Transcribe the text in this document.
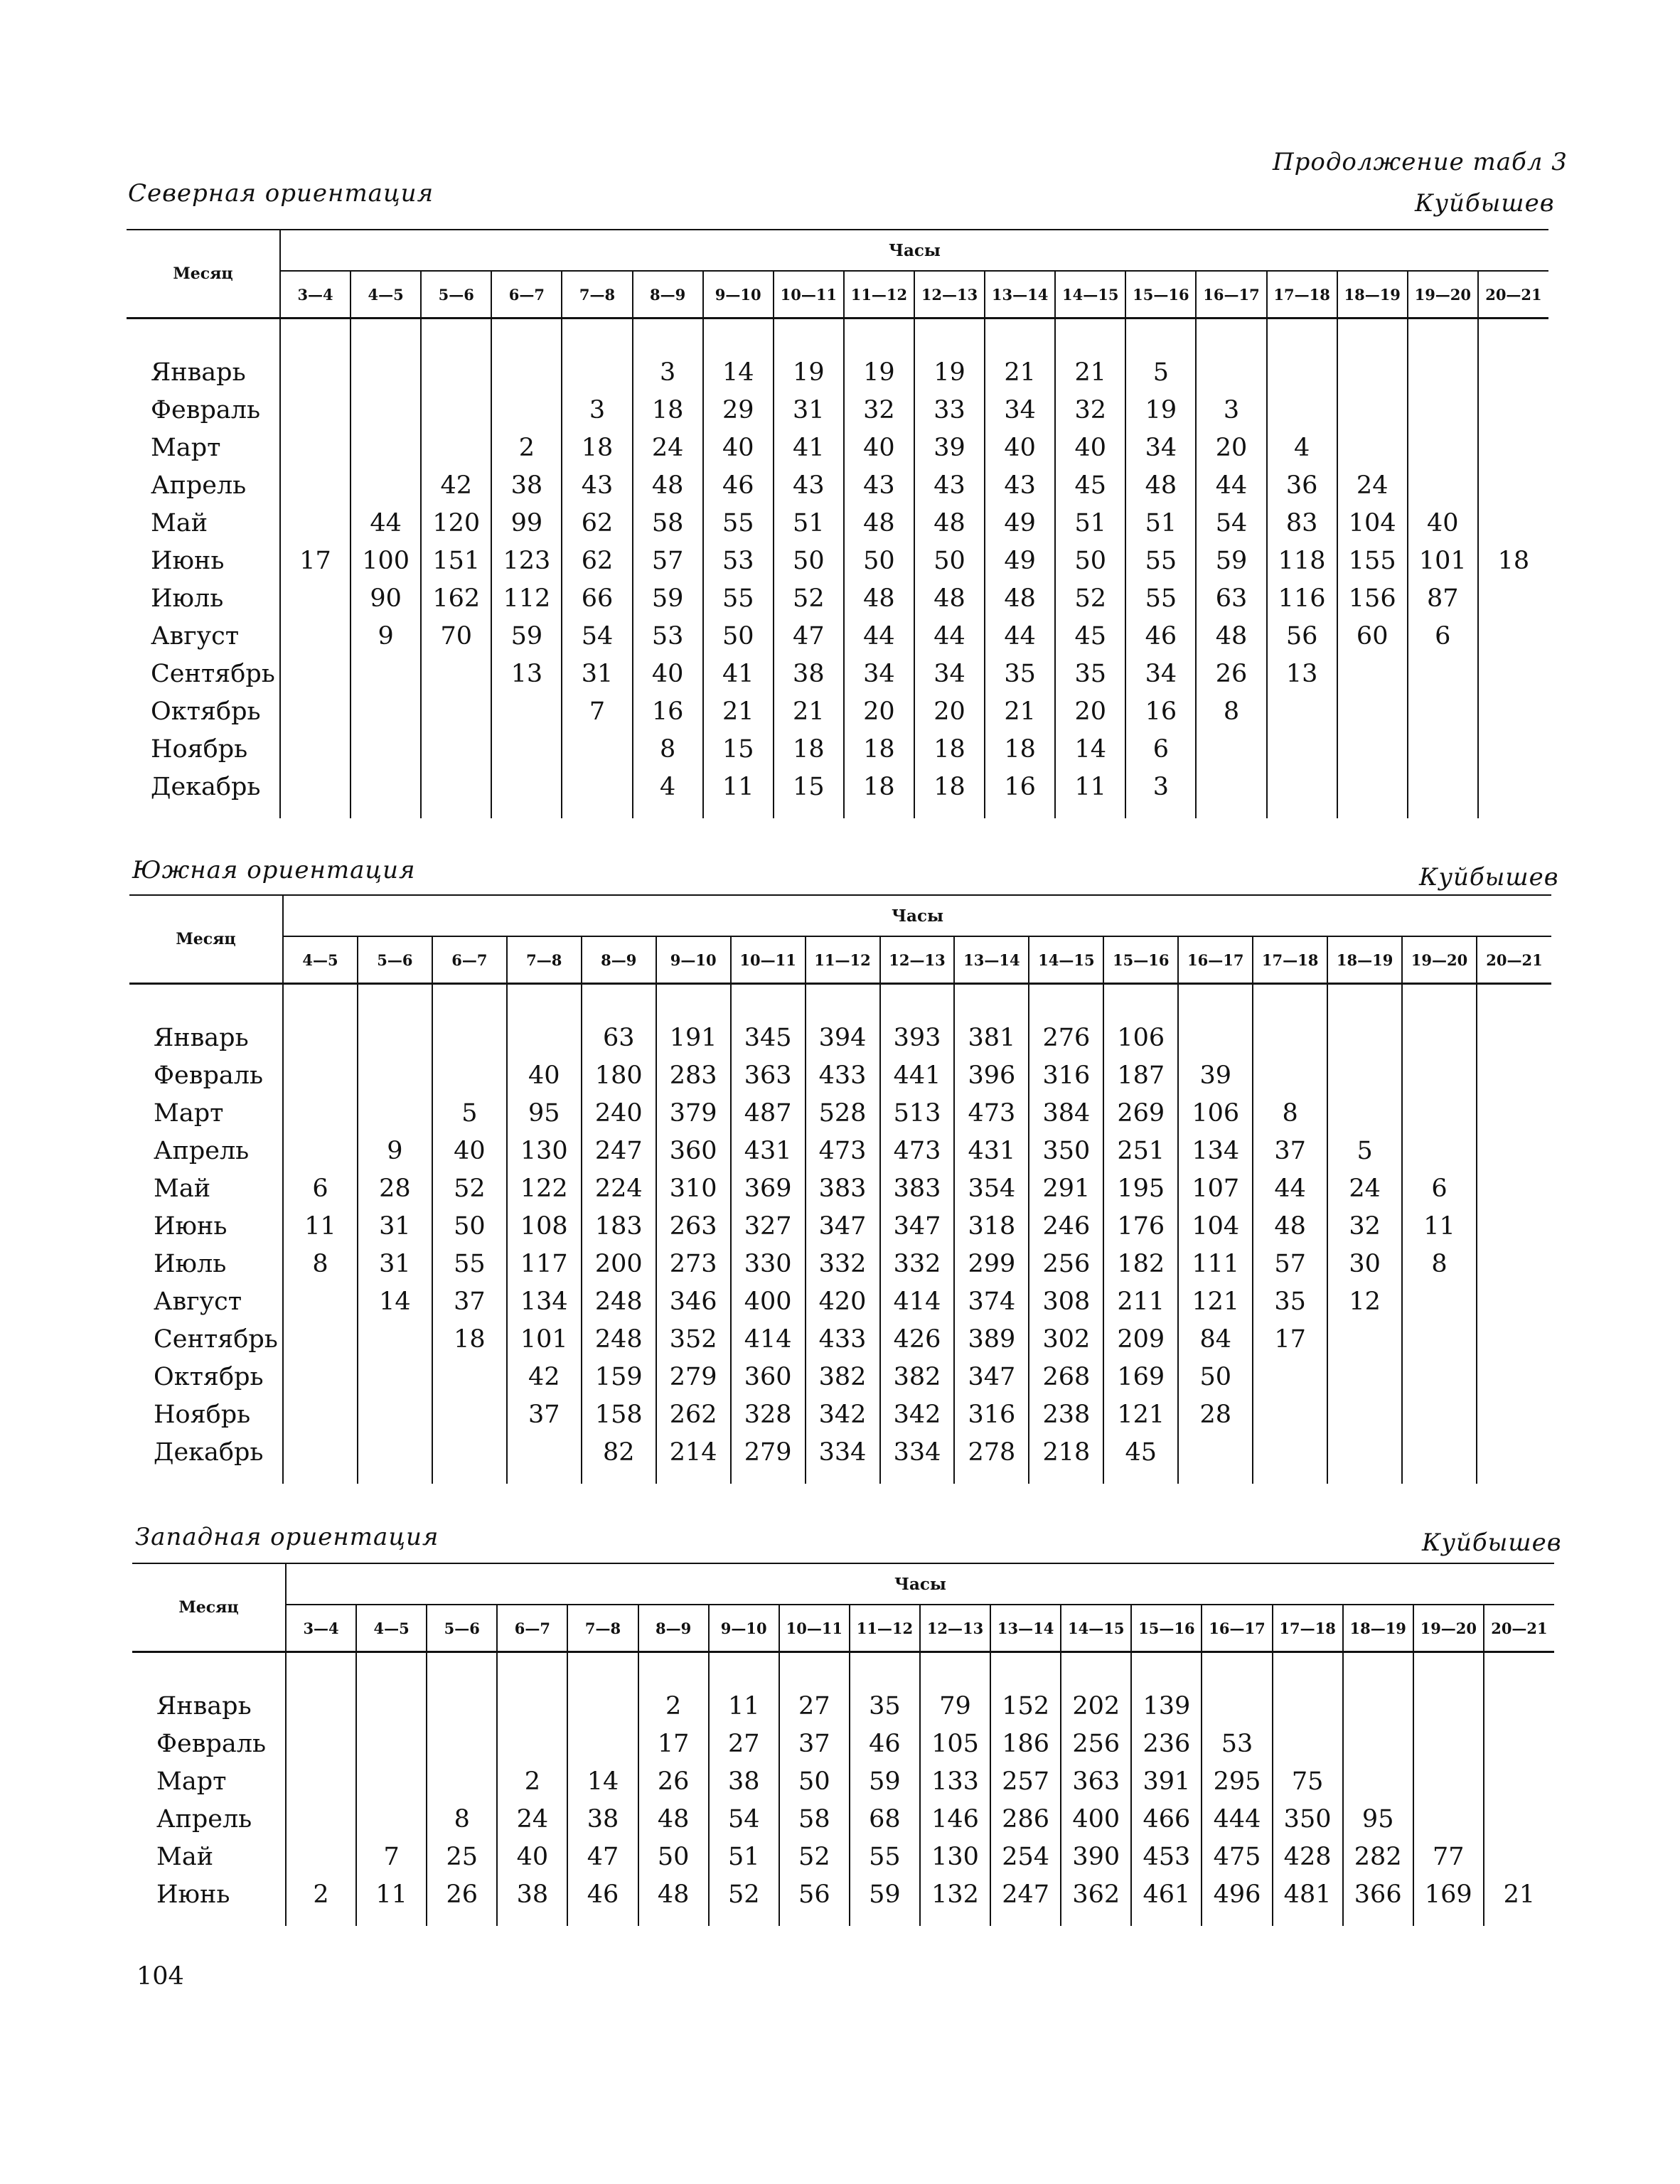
Продолжение табл 3
Северная ориентация	Куйбышев
Месяц	Часы																	
	3—4	4—5	5—6	6—7	7—8	8—9	9—10	10—11	11—12	12—13	13—14	14—15	15—16	16—17	17—18	18—19	19—20	20—21

Январь						3	14	19	19	19	21	21	5					
Февраль					3	18	29	31	32	33	34	32	19	3				
Март				2	18	24	40	41	40	39	40	40	34	20	4			
Апрель			42	38	43	48	46	43	43	43	43	45	48	44	36	24		
Май		44	120	99	62	58	55	51	48	48	49	51	51	54	83	104	40	
Июнь	17	100	151	123	62	57	53	50	50	50	49	50	55	59	118	155	101	18
Июль		90	162	112	66	59	55	52	48	48	48	52	55	63	116	156	87	
Август		9	70	59	54	53	50	47	44	44	44	45	46	48	56	60	6	
Сентябрь				13	31	40	41	38	34	34	35	35	34	26	13			
Октябрь					7	16	21	21	20	20	21	20	16	8				
Ноябрь						8	15	18	18	18	18	14	6					
Декабрь						4	11	15	18	18	16	11	3					

Южная ориентация	Куйбышев
Месяц	Часы																
	4—5	5—6	6—7	7—8	8—9	9—10	10—11	11—12	12—13	13—14	14—15	15—16	16—17	17—18	18—19	19—20	20—21

Январь					63	191	345	394	393	381	276	106					
Февраль				40	180	283	363	433	441	396	316	187	39				
Март			5	95	240	379	487	528	513	473	384	269	106	8			
Апрель		9	40	130	247	360	431	473	473	431	350	251	134	37	5		
Май	6	28	52	122	224	310	369	383	383	354	291	195	107	44	24	6	
Июнь	11	31	50	108	183	263	327	347	347	318	246	176	104	48	32	11	
Июль	8	31	55	117	200	273	330	332	332	299	256	182	111	57	30	8	
Август		14	37	134	248	346	400	420	414	374	308	211	121	35	12		
Сентябрь			18	101	248	352	414	433	426	389	302	209	84	17			
Октябрь				42	159	279	360	382	382	347	268	169	50				
Ноябрь				37	158	262	328	342	342	316	238	121	28				
Декабрь					82	214	279	334	334	278	218	45					

Западная ориентация	Куйбышев
Месяц	Часы																	
	3—4	4—5	5—6	6—7	7—8	8—9	9—10	10—11	11—12	12—13	13—14	14—15	15—16	16—17	17—18	18—19	19—20	20—21

Январь						2	11	27	35	79	152	202	139					
Февраль						17	27	37	46	105	186	256	236	53				
Март				2	14	26	38	50	59	133	257	363	391	295	75			
Апрель			8	24	38	48	54	58	68	146	286	400	466	444	350	95		
Май		7	25	40	47	50	51	52	55	130	254	390	453	475	428	282	77	
Июнь	2	11	26	38	46	48	52	56	59	132	247	362	461	496	481	366	169	21

104
